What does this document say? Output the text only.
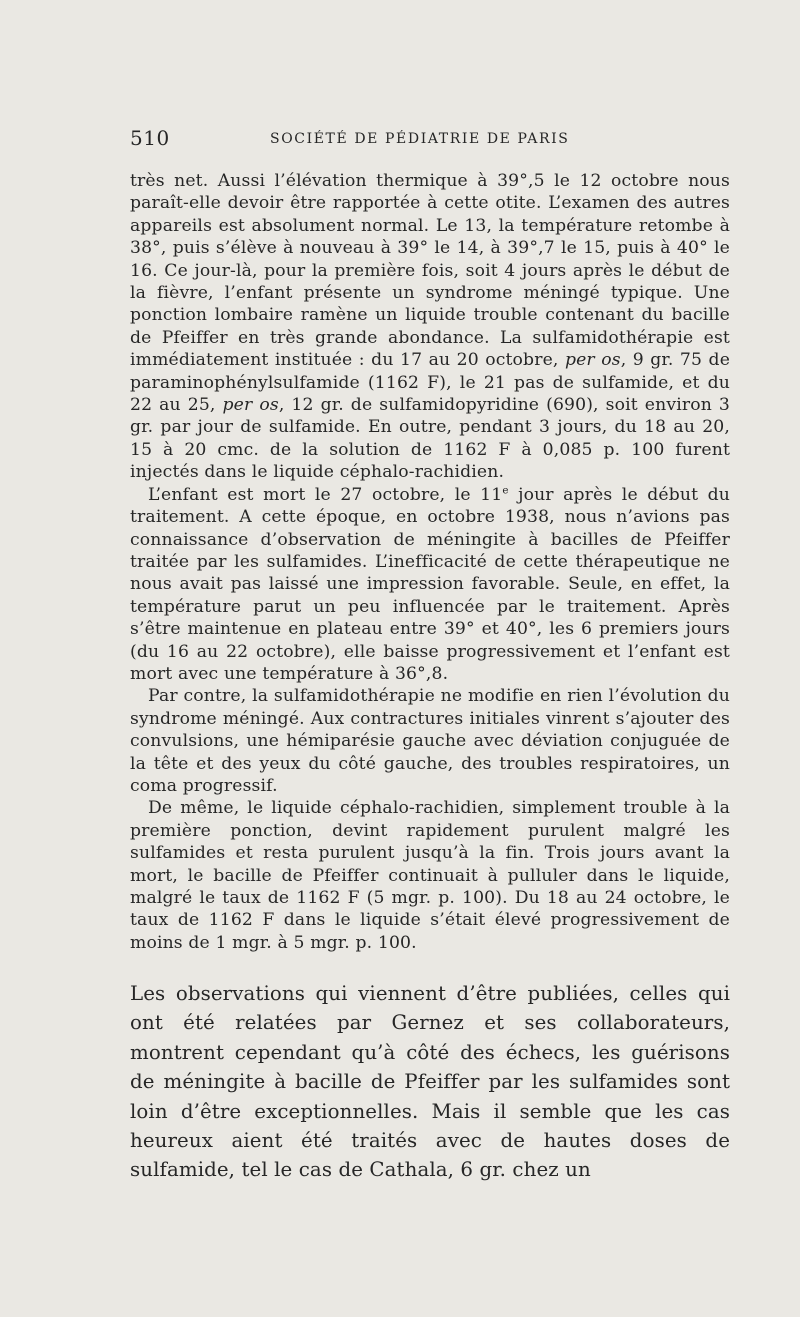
510	SOCIÉTÉ DE PÉDIATRIE DE PARIS

très net. Aussi l’élévation thermique à 39°,5 le 12 octobre nous paraît-elle devoir être rapportée à cette otite. L’examen des autres appareils est absolument normal. Le 13, la température retombe à 38°, puis s’élève à nouveau à 39° le 14, à 39°,7 le 15, puis à 40° le 16. Ce jour-là, pour la première fois, soit 4 jours après le début de la fièvre, l’enfant présente un syndrome méningé typique. Une ponction lombaire ramène un liquide trouble contenant du bacille de Pfeiffer en très grande abondance. La sulfamidothérapie est immédiatement instituée : du 17 au 20 octobre, per os, 9 gr. 75 de paraminophénylsulfamide (1162 F), le 21 pas de sulfamide, et du 22 au 25, per os, 12 gr. de sulfamidopyridine (690), soit environ 3 gr. par jour de sulfamide. En outre, pendant 3 jours, du 18 au 20, 15 à 20 cmc. de la solution de 1162 F à 0,085 p. 100 furent injectés dans le liquide céphalo-rachidien.

L’enfant est mort le 27 octobre, le 11e jour après le début du traitement. A cette époque, en octobre 1938, nous n’avions pas connaissance d’observation de méningite à bacilles de Pfeiffer traitée par les sulfamides. L’inefficacité de cette thérapeutique ne nous avait pas laissé une impression favorable. Seule, en effet, la température parut un peu influencée par le traitement. Après s’être maintenue en plateau entre 39° et 40°, les 6 premiers jours (du 16 au 22 octobre), elle baisse progressivement et l’enfant est mort avec une température à 36°,8.

Par contre, la sulfamidothérapie ne modifie en rien l’évolution du syndrome méningé. Aux contractures initiales vinrent s’ajouter des convulsions, une hémiparésie gauche avec déviation conjuguée de la tête et des yeux du côté gauche, des troubles respiratoires, un coma progressif.

De même, le liquide céphalo-rachidien, simplement trouble à la première ponction, devint rapidement purulent malgré les sulfamides et resta purulent jusqu’à la fin. Trois jours avant la mort, le bacille de Pfeiffer continuait à pulluler dans le liquide, malgré le taux de 1162 F (5 mgr. p. 100). Du 18 au 24 octobre, le taux de 1162 F dans le liquide s’était élevé progressivement de moins de 1 mgr. à 5 mgr. p. 100.

Les observations qui viennent d’être publiées, celles qui ont été relatées par Gernez et ses collaborateurs, montrent cependant qu’à côté des échecs, les guérisons de méningite à bacille de Pfeiffer par les sulfamides sont loin d’être exceptionnelles. Mais il semble que les cas heureux aient été traités avec de hautes doses de sulfamide, tel le cas de Cathala, 6 gr. chez un
